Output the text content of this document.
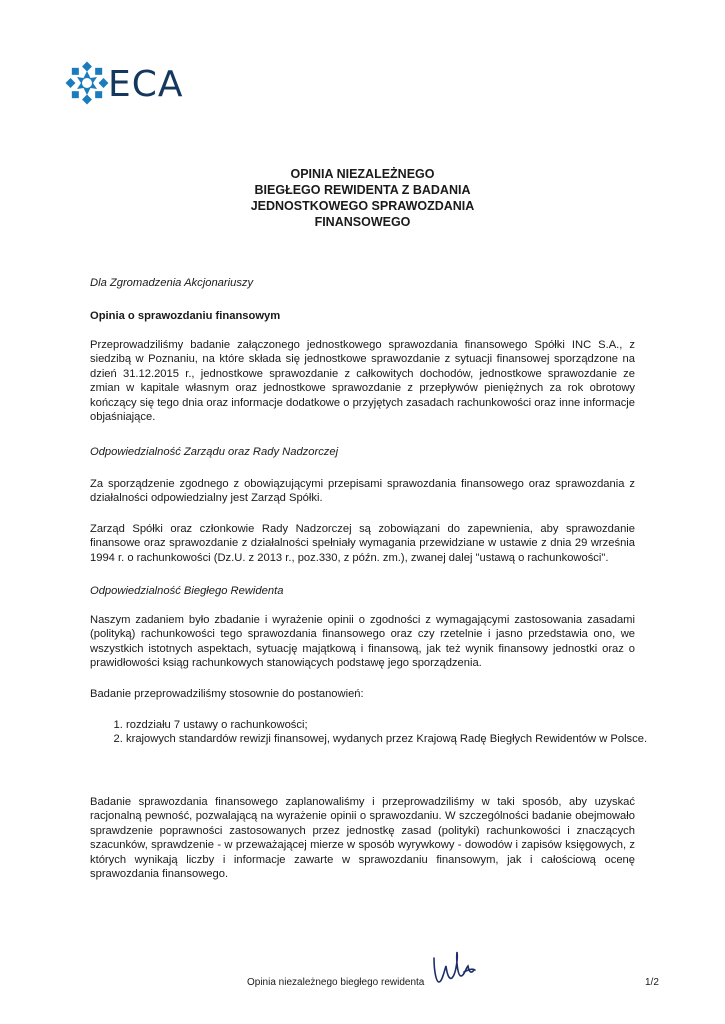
ECA
OPINIA NIEZALEŻNEGO
BIEGŁEGO REWIDENTA Z BADANIA
JEDNOSTKOWEGO SPRAWOZDANIA
FINANSOWEGO

Dla Zgromadzenia Akcjonariuszy

Opinia o sprawozdaniu finansowym

Przeprowadziliśmy badanie załączonego jednostkowego sprawozdania finansowego Spółki INC S.A., z siedzibą w Poznaniu, na które składa się jednostkowe sprawozdanie z sytuacji finansowej sporządzone na dzień 31.12.2015 r., jednostkowe sprawozdanie z całkowitych dochodów, jednostkowe sprawozdanie ze zmian w kapitale własnym oraz jednostkowe sprawozdanie z przepływów pieniężnych za rok obrotowy kończący się tego dnia oraz informacje dodatkowe o przyjętych zasadach rachunkowości oraz inne informacje objaśniające.

Odpowiedzialność Zarządu oraz Rady Nadzorczej

Za sporządzenie zgodnego z obowiązującymi przepisami sprawozdania finansowego oraz sprawozdania z działalności odpowiedzialny jest Zarząd Spółki.

Zarząd Spółki oraz członkowie Rady Nadzorczej są zobowiązani do zapewnienia, aby sprawozdanie finansowe oraz sprawozdanie z działalności spełniały wymagania przewidziane w ustawie z dnia 29 września 1994 r. o rachunkowości (Dz.U. z 2013 r., poz.330, z późn. zm.), zwanej dalej "ustawą o rachunkowości".

Odpowiedzialność Biegłego Rewidenta

Naszym zadaniem było zbadanie i wyrażenie opinii o zgodności z wymagającymi zastosowania zasadami (polityką) rachunkowości tego sprawozdania finansowego oraz czy rzetelnie i jasno przedstawia ono, we wszystkich istotnych aspektach, sytuację majątkową i finansową, jak też wynik finansowy jednostki oraz o prawidłowości ksiąg rachunkowych stanowiących podstawę jego sporządzenia.

Badanie przeprowadziliśmy stosownie do postanowień:

1. rozdziału 7 ustawy o rachunkowości;
2. krajowych standardów rewizji finansowej, wydanych przez Krajową Radę Biegłych Rewidentów w Polsce.

Badanie sprawozdania finansowego zaplanowaliśmy i przeprowadziliśmy w taki sposób, aby uzyskać racjonalną pewność, pozwalającą na wyrażenie opinii o sprawozdaniu. W szczególności badanie obejmowało sprawdzenie poprawności zastosowanych przez jednostkę zasad (polityki) rachunkowości i znaczących szacunków, sprawdzenie - w przeważającej mierze w sposób wyrywkowy - dowodów i zapisów księgowych, z których wynikają liczby i informacje zawarte w sprawozdaniu finansowym, jak i całościową ocenę sprawozdania finansowego.

Opinia niezależnego biegłego rewidenta	1/2
